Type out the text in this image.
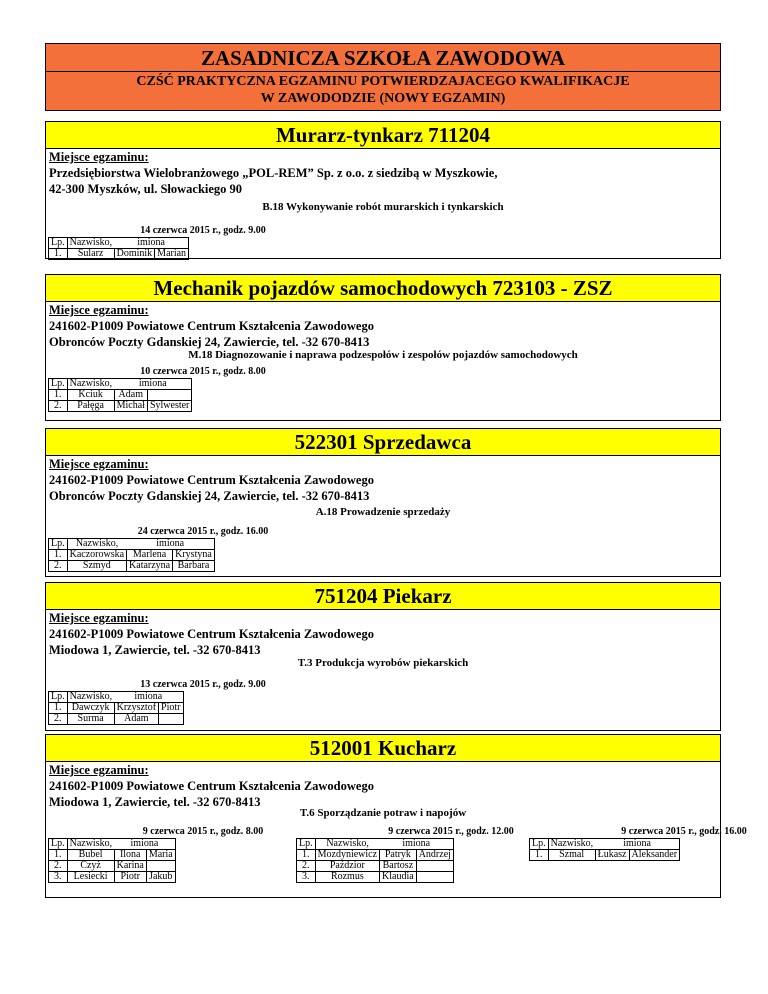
ZASADNICZA SZKOŁA ZAWODOWA
CZŚĆ PRAKTYCZNA EGZAMINU POTWIERDZAJACEGO KWALIFIKACJE
W ZAWODODZIE (NOWY EGZAMIN)
Murarz-tynkarz 711204
Miejsce egzaminu:
Przedsiębiorstwa Wielobranżowego „POL-REM” Sp. z o.o. z siedzibą w Myszkowie,
42-300 Myszków, ul. Słowackiego 90
B.18 Wykonywanie robót murarskich i tynkarskich
14 czerwca 2015 r., godz. 9.00
Lp.	Nazwisko,	imiona	
1.	Sularz	Dominik	Marian
Mechanik pojazdów samochodowych 723103 - ZSZ
Miejsce egzaminu:
241602-P1009 Powiatowe Centrum Kształcenia Zawodowego
Obronców Poczty Gdanskiej 24, Zawiercie, tel. -32 670-8413
M.18 Diagnozowanie i naprawa podzespołów i zespołów pojazdów samochodowych
10 czerwca 2015 r., godz. 8.00
Lp.	Nazwisko,	imiona	
1.	Kciuk	Adam	
2.	Pałęga	Michał	Sylwester
522301 Sprzedawca
Miejsce egzaminu:
241602-P1009 Powiatowe Centrum Kształcenia Zawodowego
Obronców Poczty Gdanskiej 24, Zawiercie, tel. -32 670-8413
A.18 Prowadzenie sprzedaży
24 czerwca 2015 r., godz. 16.00
Lp.	Nazwisko,	imiona	
1.	Kaczorowska	Marlena	Krystyna
2.	Szmyd	Katarzyna	Barbara
751204 Piekarz
Miejsce egzaminu:
241602-P1009 Powiatowe Centrum Kształcenia Zawodowego
Miodowa 1, Zawiercie, tel. -32 670-8413
T.3 Produkcja wyrobów piekarskich
13 czerwca 2015 r., godz. 9.00
Lp.	Nazwisko,	imiona	
1.	Dawczyk	Krzysztof	Piotr
2.	Surma	Adam	
512001 Kucharz
Miejsce egzaminu:
241602-P1009 Powiatowe Centrum Kształcenia Zawodowego
Miodowa 1, Zawiercie, tel. -32 670-8413
T.6 Sporządzanie potraw i napojów
9 czerwca 2015 r., godz. 8.00
Lp.	Nazwisko,	imiona	
1.	Bubel	Ilona	Maria
2.	Czyż	Karina	
3.	Lesiecki	Piotr	Jakub
9 czerwca 2015 r., godz. 12.00
Lp.	Nazwisko,	imiona	
1.	Mozdyniewicz	Patryk	Andrzej
2.	Paździor	Bartosz	
3.	Rozmus	Klaudia	
9 czerwca 2015 r., godz. 16.00
Lp.	Nazwisko,	imiona	
1.	Szmal	Łukasz	Aleksander
